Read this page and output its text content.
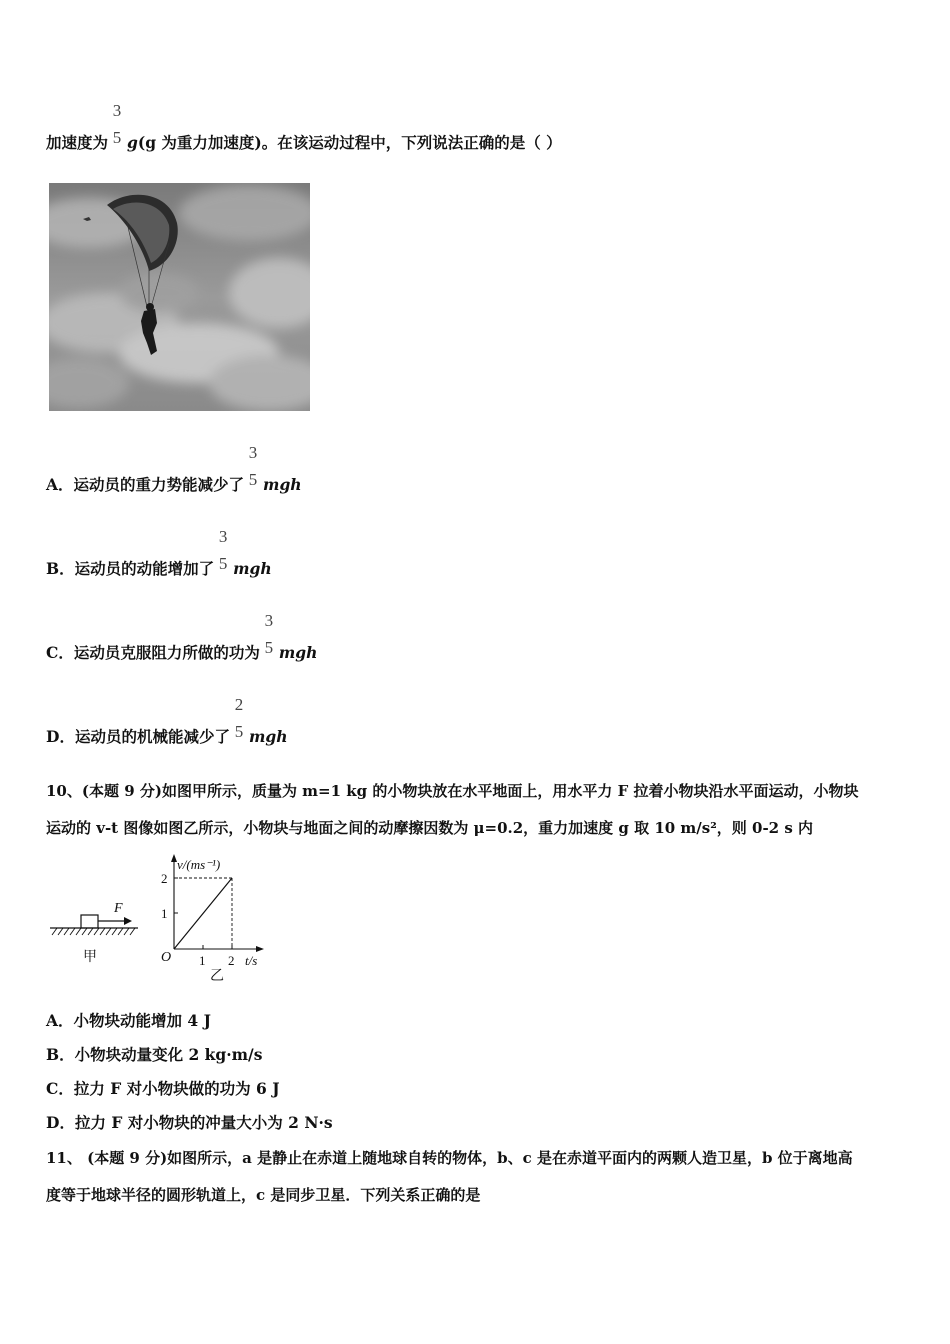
加速度为
3
5 g(g 为重力加速度)。在该运动过程中，下列说法正确的是（ ）
A．运动员的重力势能减少了
3
5 mgh
B．运动员的动能增加了
3
5 mgh
C．运动员克服阻力所做的功为
3
5 mgh
D．运动员的机械能减少了
2
5 mgh
10、(本题 9 分)如图甲所示，质量为 m=1 kg 的小物块放在水平地面上，用水平力 F 拉着小物块沿水平面运动，小物块
运动的 v-t 图像如图乙所示，小物块与地面之间的动摩擦因数为 μ=0.2，重力加速度 g 取 10 m/s²，则 0-2 s 内
F
甲
v/(ms⁻¹)
2
1
O 1 2 t/s
乙
A．小物块动能增加 4 J
B．小物块动量变化 2 kg·m/s
C．拉力 F 对小物块做的功为 6 J
D．拉力 F 对小物块的冲量大小为 2 N·s
11、 (本题 9 分)如图所示，a 是静止在赤道上随地球自转的物体，b、c 是在赤道平面内的两颗人造卫星，b 位于离地高
度等于地球半径的圆形轨道上，c 是同步卫星．下列关系正确的是
